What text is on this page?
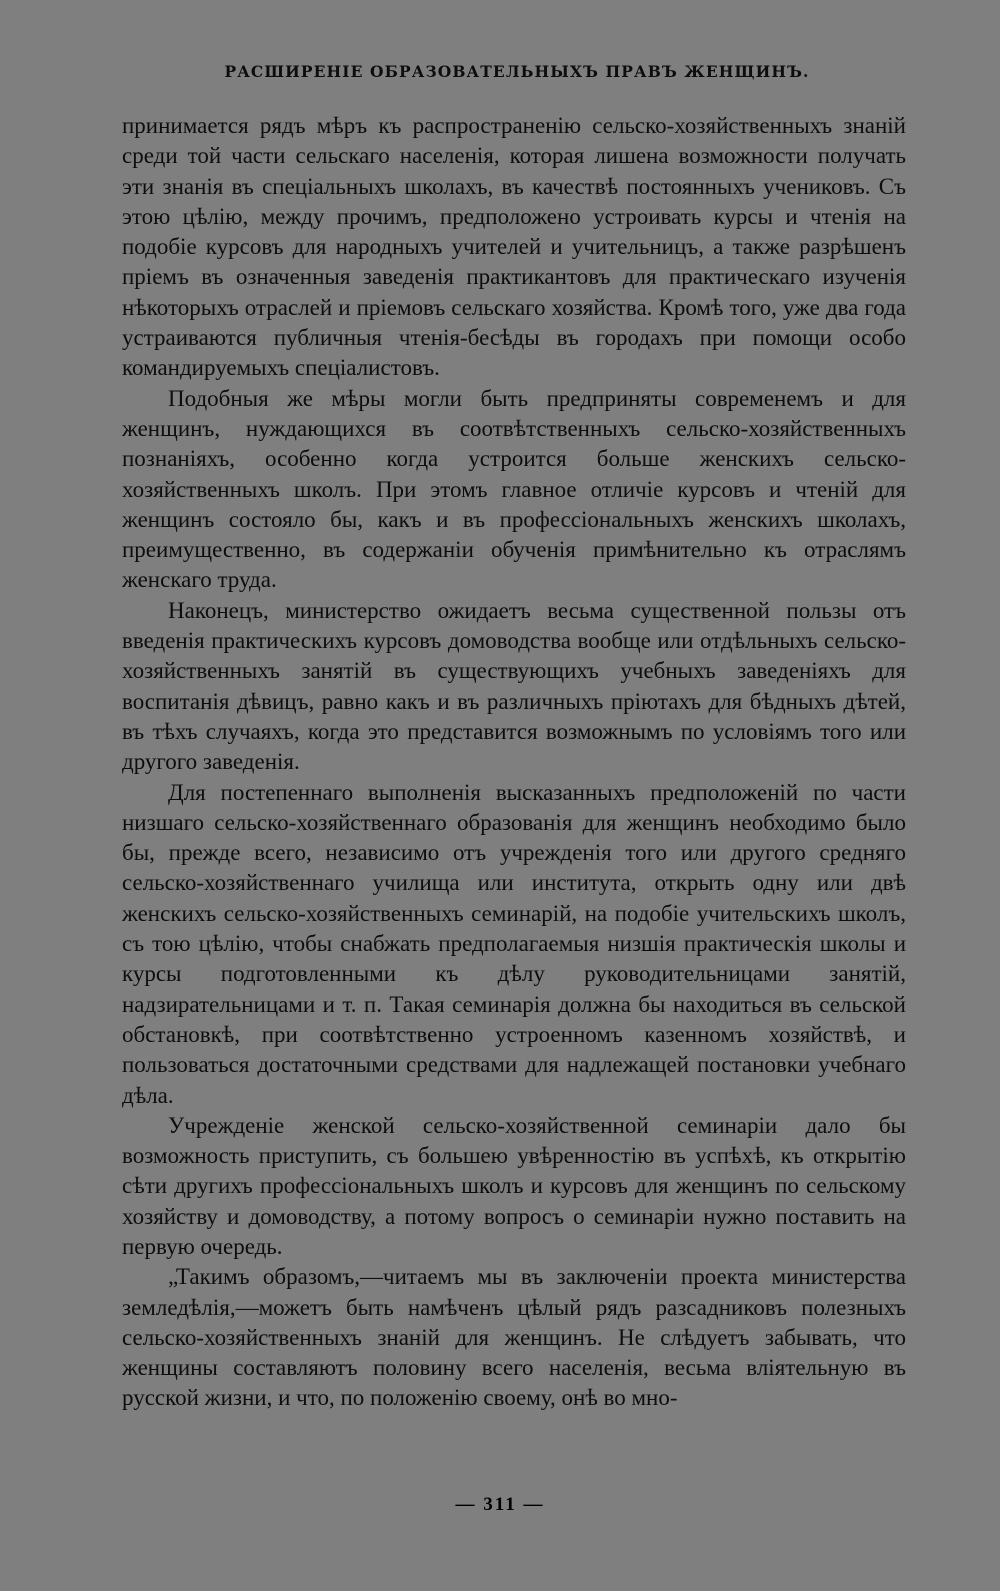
РАСШИРЕНІЕ ОБРАЗОВАТЕЛЬНЫХЪ ПРАВЪ ЖЕНЩИНЪ.

принимается рядъ мѣръ къ распространенію сельско-хозяйственныхъ знаній среди той части сельскаго населенія, которая лишена возможности получать эти знанія въ спеціальныхъ школахъ, въ качествѣ постоянныхъ учениковъ. Съ этою цѣлію, между прочимъ, предположено устроивать курсы и чтенія на подобіе курсовъ для народныхъ учителей и учительницъ, а также разрѣшенъ пріемъ въ означенныя заведенія практикантовъ для практическаго изученія нѣкоторыхъ отраслей и пріемовъ сельскаго хозяйства. Кромѣ того, уже два года устраиваются публичныя чтенія-бесѣды въ городахъ при помощи особо командируемыхъ спеціалистовъ.

Подобныя же мѣры могли быть предприняты современемъ и для женщинъ, нуждающихся въ соотвѣтственныхъ сельско-хозяйственныхъ познаніяхъ, особенно когда устроится больше женскихъ сельско-хозяйственныхъ школъ. При этомъ главное отличіе курсовъ и чтеній для женщинъ состояло бы, какъ и въ профессіональныхъ женскихъ школахъ, преимущественно, въ содержаніи обученія примѣнительно къ отраслямъ женскаго труда.

Наконецъ, министерство ожидаетъ весьма существенной пользы отъ введенія практическихъ курсовъ домоводства вообще или отдѣльныхъ сельско-хозяйственныхъ занятій въ существующихъ учебныхъ заведеніяхъ для воспитанія дѣвицъ, равно какъ и въ различныхъ пріютахъ для бѣдныхъ дѣтей, въ тѣхъ случаяхъ, когда это представится возможнымъ по условіямъ того или другого заведенія.

Для постепеннаго выполненія высказанныхъ предположеній по части низшаго сельско-хозяйственнаго образованія для женщинъ необходимо было бы, прежде всего, независимо отъ учрежденія того или другого средняго сельско-хозяйственнаго училища или института, открыть одну или двѣ женскихъ сельско-хозяйственныхъ семинарій, на подобіе учительскихъ школъ, съ тою цѣлію, чтобы снабжать предполагаемыя низшія практическія школы и курсы подготовленными къ дѣлу руководительницами занятій, надзирательницами и т. п. Такая семинарія должна бы находиться въ сельской обстановкѣ, при соотвѣтственно устроенномъ казенномъ хозяйствѣ, и пользоваться достаточными средствами для надлежащей постановки учебнаго дѣла.

Учрежденіе женской сельско-хозяйственной семинаріи дало бы возможность приступить, съ большею увѣренностію въ успѣхѣ, къ открытію сѣти другихъ профессіональныхъ школъ и курсовъ для женщинъ по сельскому хозяйству и домоводству, а потому вопросъ о семинаріи нужно поставить на первую очередь.

„Такимъ образомъ,—читаемъ мы въ заключеніи проекта министерства земледѣлія,—можетъ быть намѣченъ цѣлый рядъ разсадниковъ полезныхъ сельско-хозяйственныхъ знаній для женщинъ. Не слѣдуетъ забывать, что женщины составляютъ половину всего населенія, весьма вліятельную въ русской жизни, и что, по положенію своему, онѣ во мно-

— 311 —
